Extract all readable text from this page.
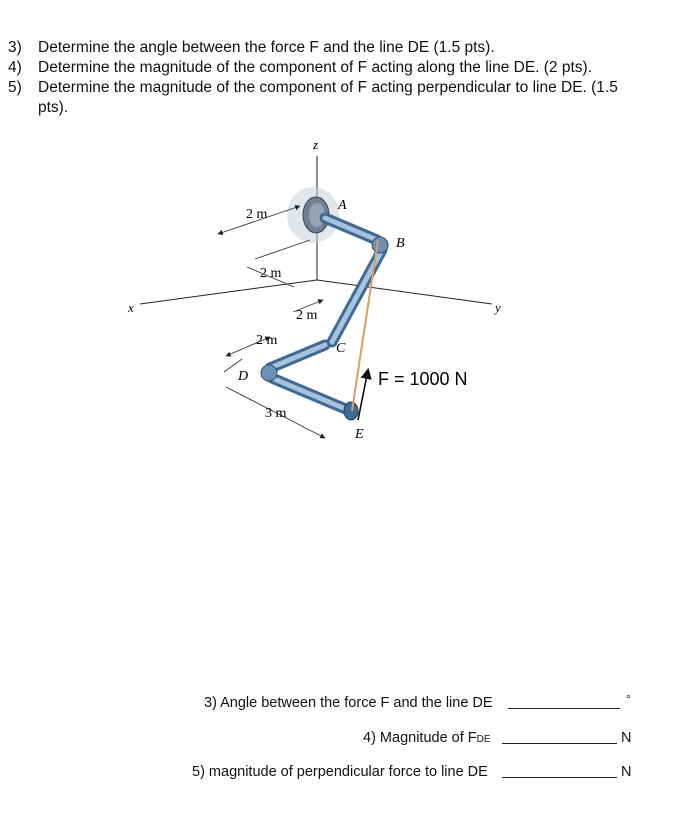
3) Determine the angle between the force F and the line DE (1.5 pts).
4) Determine the magnitude of the component of F acting along the line DE. (2 pts).
5) Determine the magnitude of the component of F acting perpendicular to line DE. (1.5 pts).
z
x	y
A
B
C
D
E
2 m
2 m
2 m
2 m
3 m
F = 1000 N
3) Angle between the force F and the line DE	°
4) Magnitude of FDE	N
5) magnitude of perpendicular force to line DE	N
